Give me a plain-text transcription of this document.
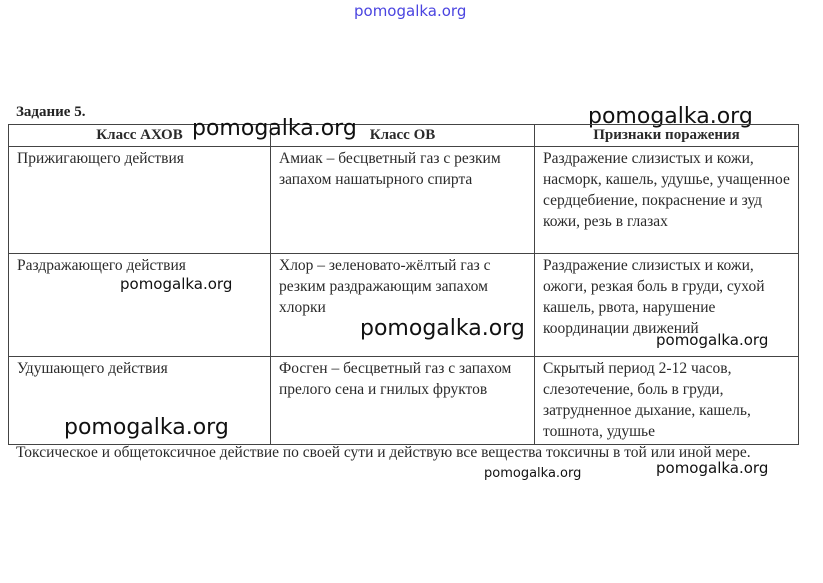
pomogalka.org
pomogalka.org
Задание 5.
Класс АХОВ	Класс ОВ	Признаки поражения
Прижигающего действия	Амиак – бесцветный газ с резким запахом нашатырного спирта	Раздражение слизистых и кожи, насморк, кашель, удушье, учащенное сердцебиение, покраснение и зуд кожи, резь в глазах
Раздражающего действия	Хлор – зеленовато-жёлтый газ с резким раздражающим запахом хлорки	Раздражение слизистых и кожи, ожоги, резкая боль в груди, сухой кашель, рвота, нарушение координации движений
Удушающего действия	Фосген – бесцветный газ с запахом прелого сена и гнилых фруктов	Скрытый период 2-12 часов, слезотечение, боль в груди, затрудненное дыхание, кашель, тошнота, удушье
Токсическое и общетоксичное действие по своей сути и действую все вещества токсичны в той или иной мере.
pomogalka.org
pomogalka.org
pomogalka.org	pomogalka.org
pomogalka.org
pomogalka.org
pomogalka.org
